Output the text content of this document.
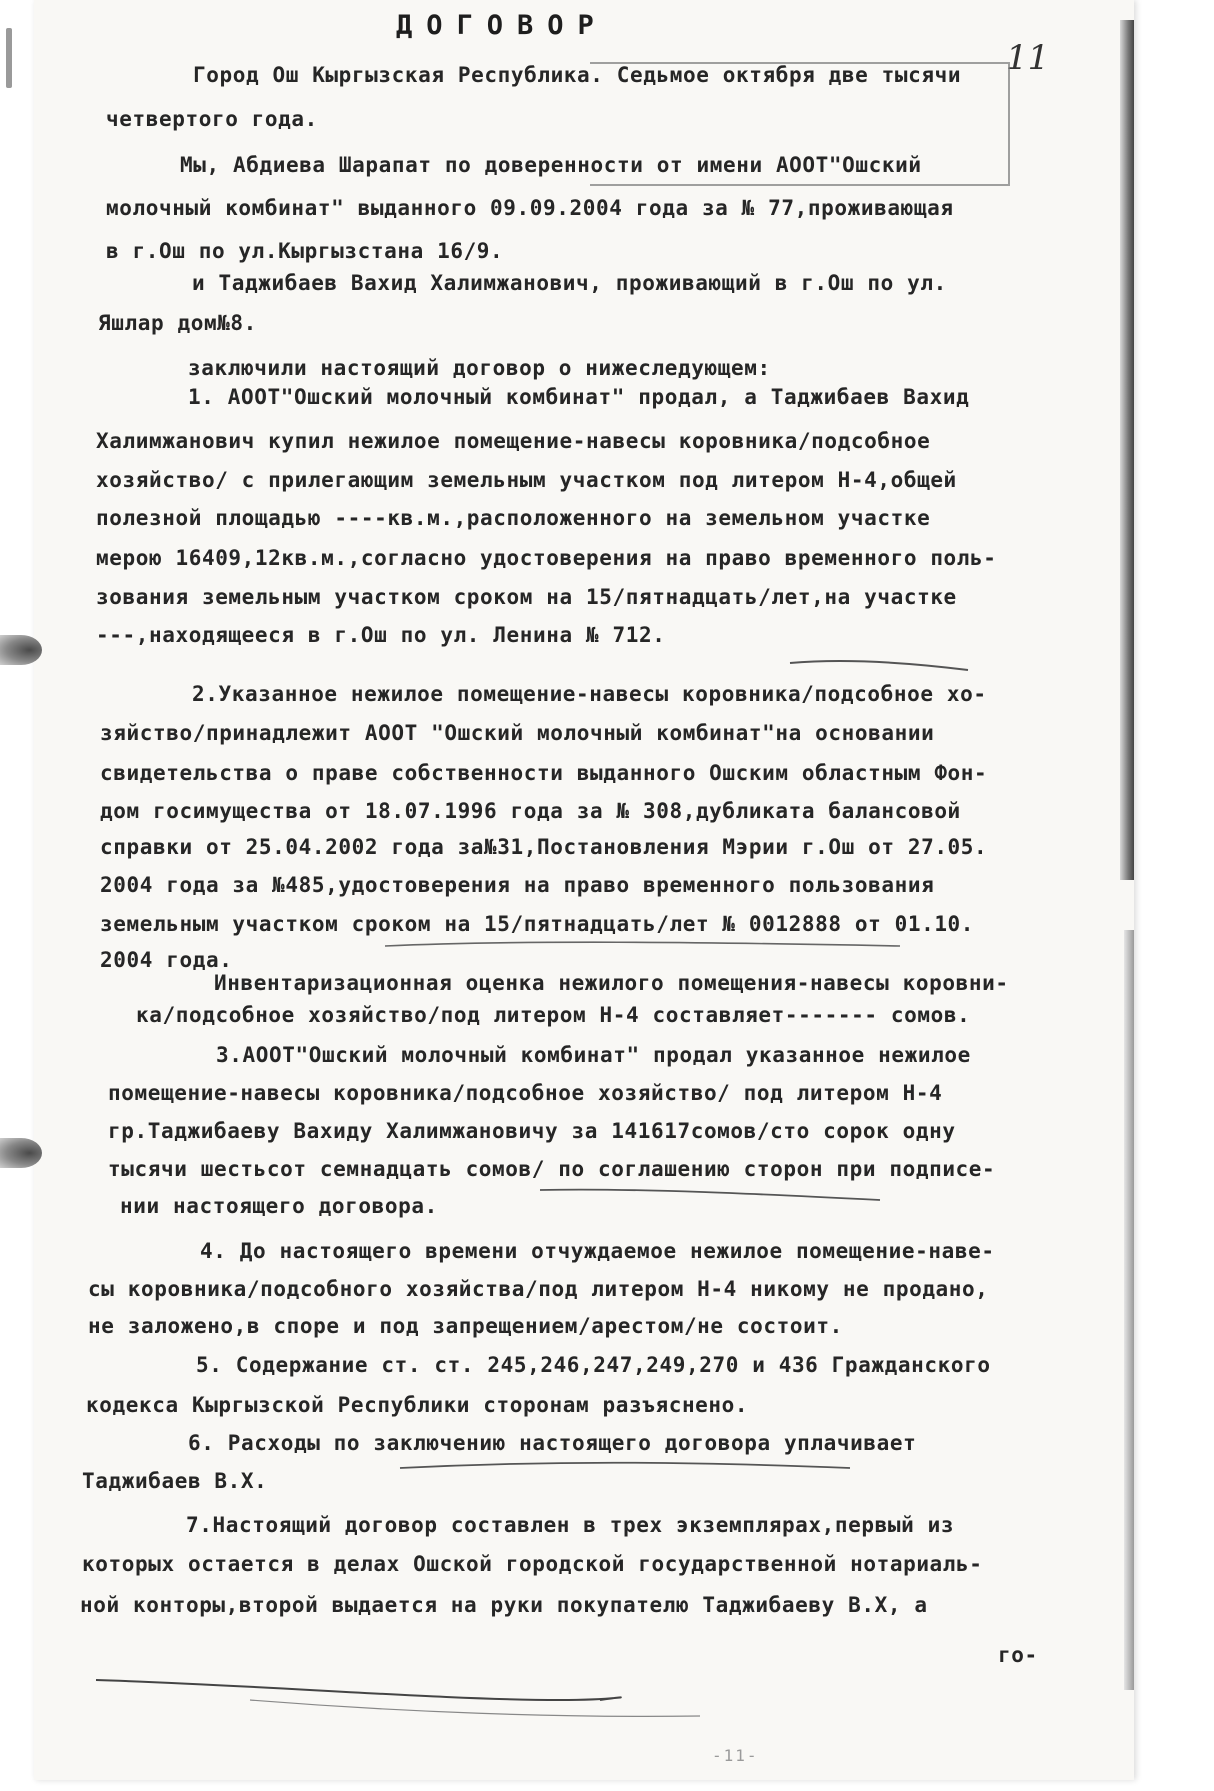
ДОГОВОР
11
Город Ош Кыргызская Республика. Седьмое октября две тысячи
четвертого года.
Мы, Абдиева Шарапат по доверенности от имени АООТ"Ошский
молочный комбинат" выданного 09.09.2004 года за № 77,проживающая
в г.Ош по ул.Кыргызстана 16/9.
и Таджибаев Вахид Халимжанович, проживающий в г.Ош по ул.
Яшлар дом№8.
заключили настоящий договор о нижеследующем:
1. АООТ"Ошский молочный комбинат" продал, а Таджибаев Вахид
Халимжанович купил нежилое помещение-навесы коровника/подсобное
хозяйство/ с прилегающим земельным участком под литером Н-4,общей
полезной площадью ----кв.м.,расположенного на земельном участке
мерою 16409,12кв.м.,согласно удостоверения на право временного поль-
зования земельным участком сроком на 15/пятнадцать/лет,на участке
---,находящееся в г.Ош по ул. Ленина № 712.
2.Указанное нежилое помещение-навесы коровника/подсобное хо-
зяйство/принадлежит АООТ "Ошский молочный комбинат"на основании
свидетельства о праве собственности выданного Ошским областным Фон-
дом госимущества от 18.07.1996 года за № 308,дубликата балансовой
справки от 25.04.2002 года за№31,Постановления Мэрии г.Ош от 27.05.
2004 года за №485,удостоверения на право временного пользования
земельным участком сроком на 15/пятнадцать/лет № 0012888 от 01.10.
2004 года.
Инвентаризационная оценка нежилого помещения-навесы коровни-
ка/подсобное хозяйство/под литером Н-4 составляет------- сомов.
3.АООТ"Ошский молочный комбинат" продал указанное нежилое
помещение-навесы коровника/подсобное хозяйство/ под литером Н-4
гр.Таджибаеву Вахиду Халимжановичу за 141617сомов/сто сорок одну
тысячи шестьсот семнадцать сомов/ по соглашению сторон при подписе-
нии настоящего договора.
4. До настоящего времени отчуждаемое нежилое помещение-наве-
сы коровника/подсобного хозяйства/под литером Н-4 никому не продано,
не заложено,в споре и под запрещением/арестом/не состоит.
5. Содержание ст. ст. 245,246,247,249,270 и 436 Гражданского
кодекса Кыргызской Республики сторонам разъяснено.
6. Расходы по заключению настоящего договора уплачивает
Таджибаев В.Х.
7.Настоящий договор составлен в трех экземплярах,первый из
которых остается в делах Ошской городской государственной нотариаль-
ной конторы,второй выдается на руки покупателю Таджибаеву В.Х, а
го-
-11-
